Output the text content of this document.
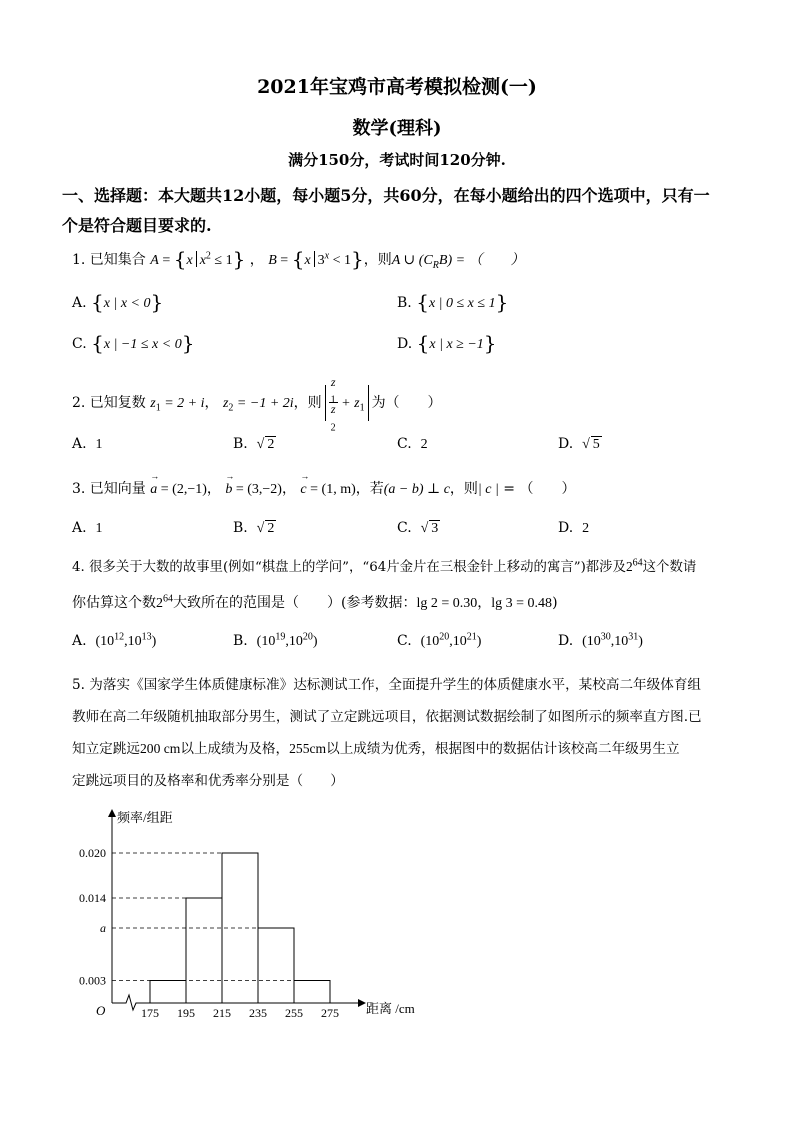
2021年宝鸡市高考模拟检测(一)
数学(理科)
满分150分，考试时间120分钟.
一、选择题：本大题共12小题，每小题5分，共60分，在每小题给出的四个选项中，只有一
个是符合题目要求的.
1. 已知集合 A = {x $x^2 \le 1$} ， B = {x $3^x < 1$}，则A ∪ $(C_RB)$ = （　　）
A. {x | x < 0}	B. {x | 0 ≤ x ≤ 1}
C. {x | −1 ≤ x < 0}	D. {x | x ≥ −1}
2. 已知复数 $z_1 = 2 + i$， $z_2 = -1 + 2i$，则 z
$_1$
z
$_2 + z_1$ 为（　　）
A. 1	B. √ 2	C. 2	D. √ 5
3. 已知向量 → a = (2,−1)， → b = (3,−2)， → c = (1, m)，若(a − b) ⊥ c，则| c | = （　　）
A. 1	B. √ 2	C. √ 3	D. 2
4. 很多关于大数的故事里(例如“棋盘上的学问”，“64片金片在三根金针上移动的寓言”)都涉及$2^{64}$这个数请
你估算这个数$2^{64}$大致所在的范围是（　　）(参考数据：lg 2 = 0.30，lg 3 = 0.48)
A. $(10^{12},10^{13})$	B. $(10^{19},10^{20})$	C. $(10^{20},10^{21})$	D. $(10^{30},10^{31})$
5. 为落实《国家学生体质健康标准》达标测试工作，全面提升学生的体质健康水平，某校高二年级体育组
教师在高二年级随机抽取部分男生，测试了立定跳远项目，依据测试数据绘制了如图所示的频率直方图.已
知立定跳远200 cm以上成绩为及格，255cm以上成绩为优秀，根据图中的数据估计该校高二年级男生立
定跳远项目的及格率和优秀率分别是（　　）
0.020
0.014
a
0.003
175 195 215 235 255 275
频率/组距
距离 /cm
O
